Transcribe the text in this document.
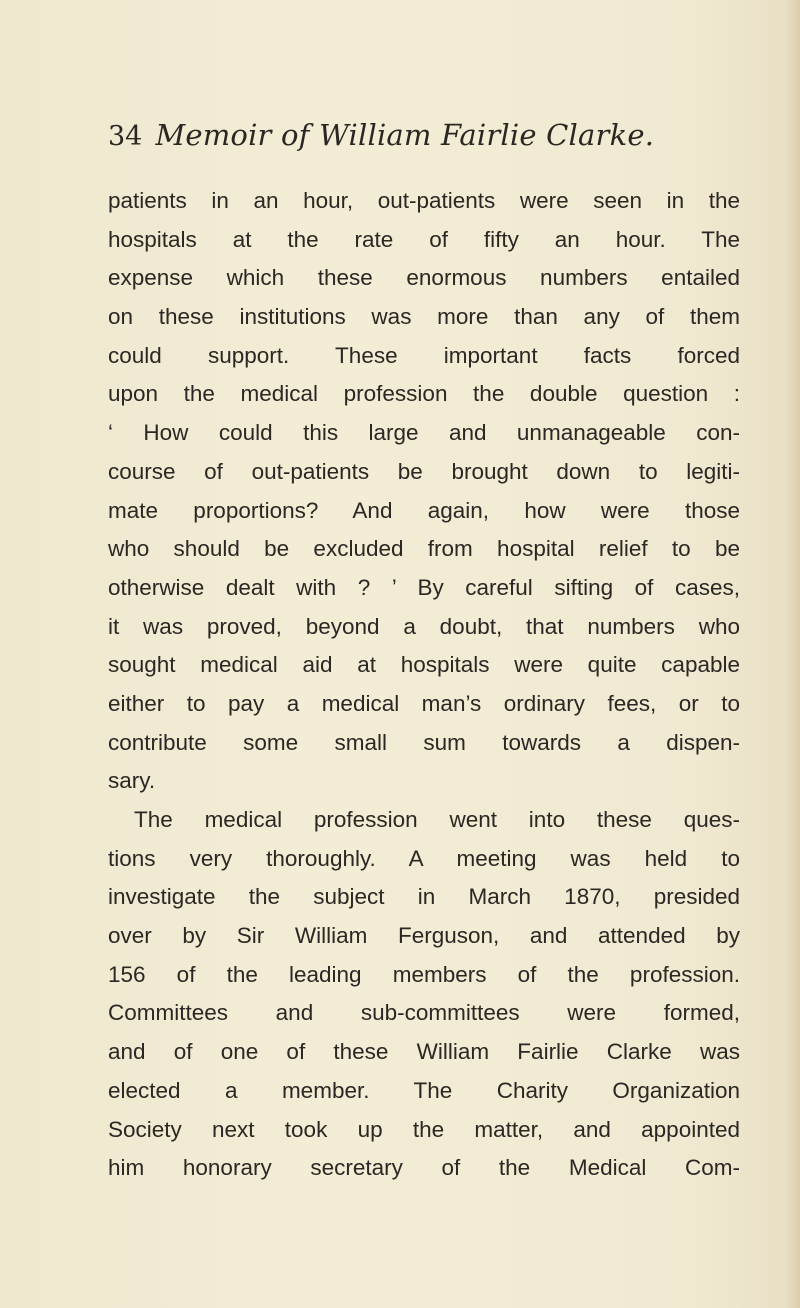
34 Memoir of William Fairlie Clarke.
patients in an hour, out-patients were seen in the
hospitals at the rate of fifty an hour. The
expense which these enormous numbers entailed
on these institutions was more than any of them
could support. These important facts forced
upon the medical profession the double question :
‘ How could this large and unmanageable con-
course of out-patients be brought down to legiti-
mate proportions? And again, how were those
who should be excluded from hospital relief to be
otherwise dealt with ? ’ By careful sifting of cases,
it was proved, beyond a doubt, that numbers who
sought medical aid at hospitals were quite capable
either to pay a medical man’s ordinary fees, or to
contribute some small sum towards a dispen-
sary.
The medical profession went into these ques-
tions very thoroughly. A meeting was held to
investigate the subject in March 1870, presided
over by Sir William Ferguson, and attended by
156 of the leading members of the profession.
Committees and sub-committees were formed,
and of one of these William Fairlie Clarke was
elected a member. The Charity Organization
Society next took up the matter, and appointed
him honorary secretary of the Medical Com-
